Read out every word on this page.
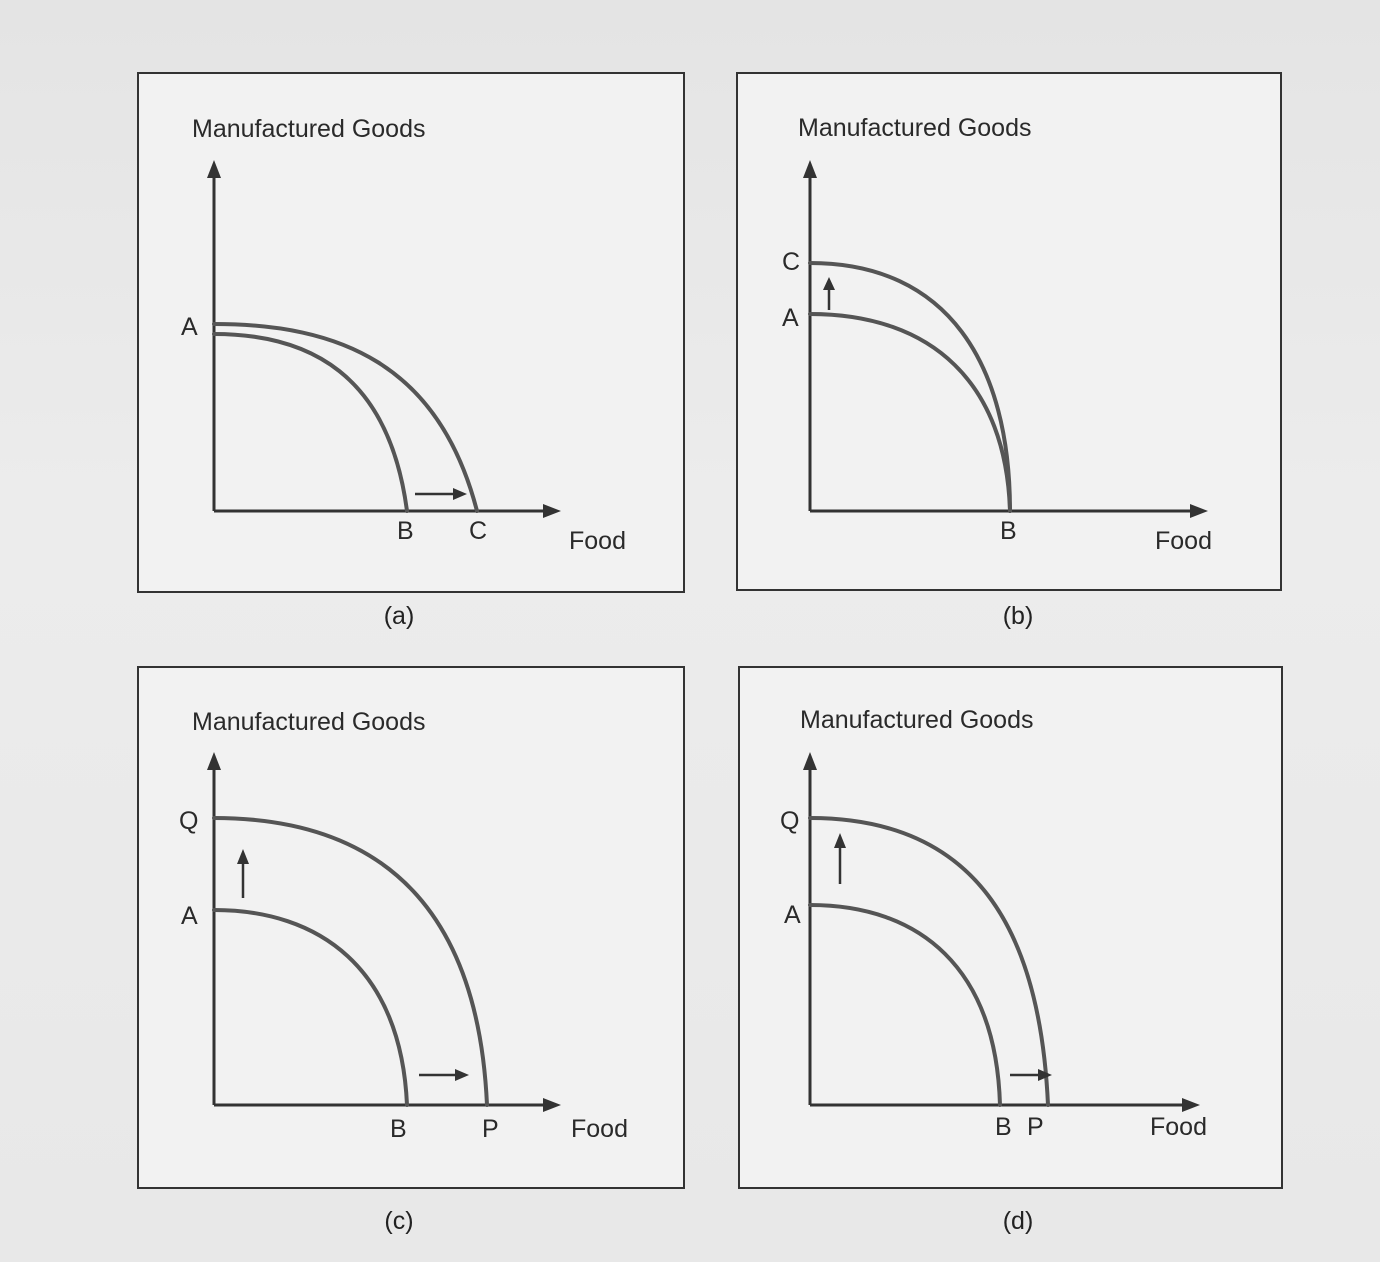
Manufactured Goods
Food
A
B C
(a)
Manufactured Goods
Food
C
A
B
(b)
Manufactured Goods
Food
Q
A
B	P
(c)
Manufactured Goods
Food
Q
A
B P
(d)
